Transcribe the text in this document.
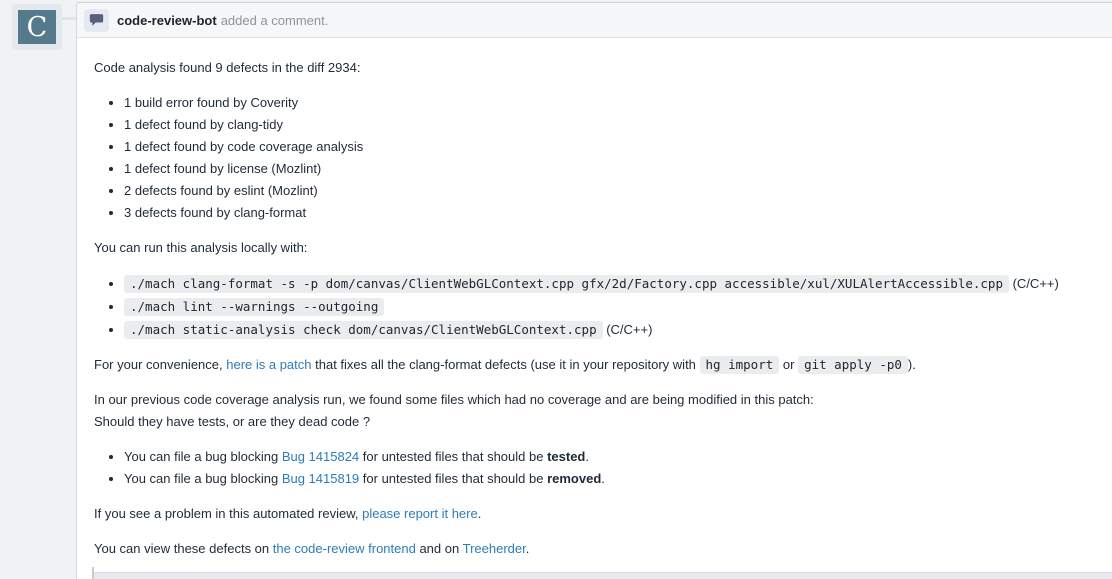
C	code-review-bot added a comment.

Code analysis found 9 defects in the diff 2934:

• 1 build error found by Coverity
• 1 defect found by clang-tidy
• 1 defect found by code coverage analysis
• 1 defect found by license (Mozlint)
• 2 defects found by eslint (Mozlint)
• 3 defects found by clang-format

You can run this analysis locally with:

• ./mach clang-format -s -p dom/canvas/ClientWebGLContext.cpp gfx/2d/Factory.cpp accessible/xul/XULAlertAccessible.cpp (C/C++)
• ./mach lint --warnings --outgoing
• ./mach static-analysis check dom/canvas/ClientWebGLContext.cpp (C/C++)

For your convenience, here is a patch that fixes all the clang-format defects (use it in your repository with hg import or git apply -p0 ).

In our previous code coverage analysis run, we found some files which had no coverage and are being modified in this patch:
Should they have tests, or are they dead code ?

• You can file a bug blocking Bug 1415824 for untested files that should be tested.
• You can file a bug blocking Bug 1415819 for untested files that should be removed.

If you see a problem in this automated review, please report it here.

You can view these defects on the code-review frontend and on Treeherder.
